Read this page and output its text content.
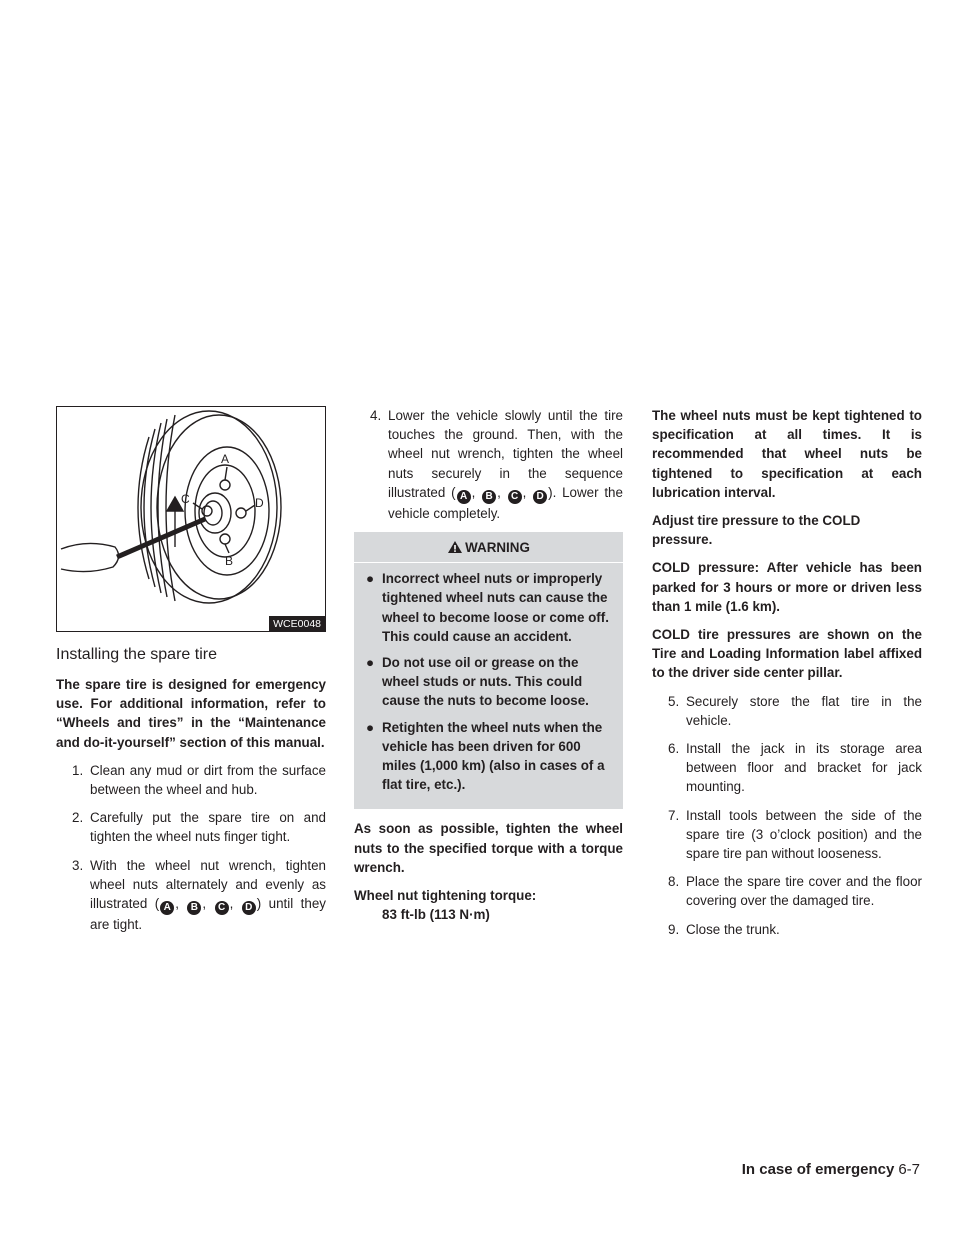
A
D
C
B
WCE0048
Installing the spare tire

The spare tire is designed for emergency use. For additional information, refer to “Wheels and tires” in the “Maintenance and do-it-yourself” section of this manual.

1. Clean any mud or dirt from the surface between the wheel and hub.
2. Carefully put the spare tire on and tighten the wheel nuts finger tight.
3. With the wheel nut wrench, tighten wheel nuts alternately and evenly as illustrated ( A , B , C , D ) until they are tight.
4. Lower the vehicle slowly until the tire touches the ground. Then, with the wheel nut wrench, tighten the wheel nuts securely in the sequence illustrated ( A , B , C , D ). Lower the vehicle completely.
WARNING
● Incorrect wheel nuts or improperly tightened wheel nuts can cause the wheel to become loose or come off. This could cause an accident.
● Do not use oil or grease on the wheel studs or nuts. This could cause the nuts to become loose.
● Retighten the wheel nuts when the vehicle has been driven for 600 miles (1,000 km) (also in cases of a flat tire, etc.).

As soon as possible, tighten the wheel nuts to the specified torque with a torque wrench.

Wheel nut tightening torque:

83 ft-lb (113 N·m)

The wheel nuts must be kept tightened to specification at all times. It is recommended that wheel nuts be tightened to specification at each lubrication interval.

Adjust tire pressure to the COLD pressure.

COLD pressure: After vehicle has been parked for 3 hours or more or driven less than 1 mile (1.6 km).

COLD tire pressures are shown on the Tire and Loading Information label affixed to the driver side center pillar.

5. Securely store the flat tire in the vehicle.
6. Install the jack in its storage area between floor and bracket for jack mounting.
7. Install tools between the side of the spare tire (3 o’clock position) and the spare tire pan without looseness.
8. Place the spare tire cover and the floor covering over the damaged tire.
9. Close the trunk.
In case of emergency 6-7
